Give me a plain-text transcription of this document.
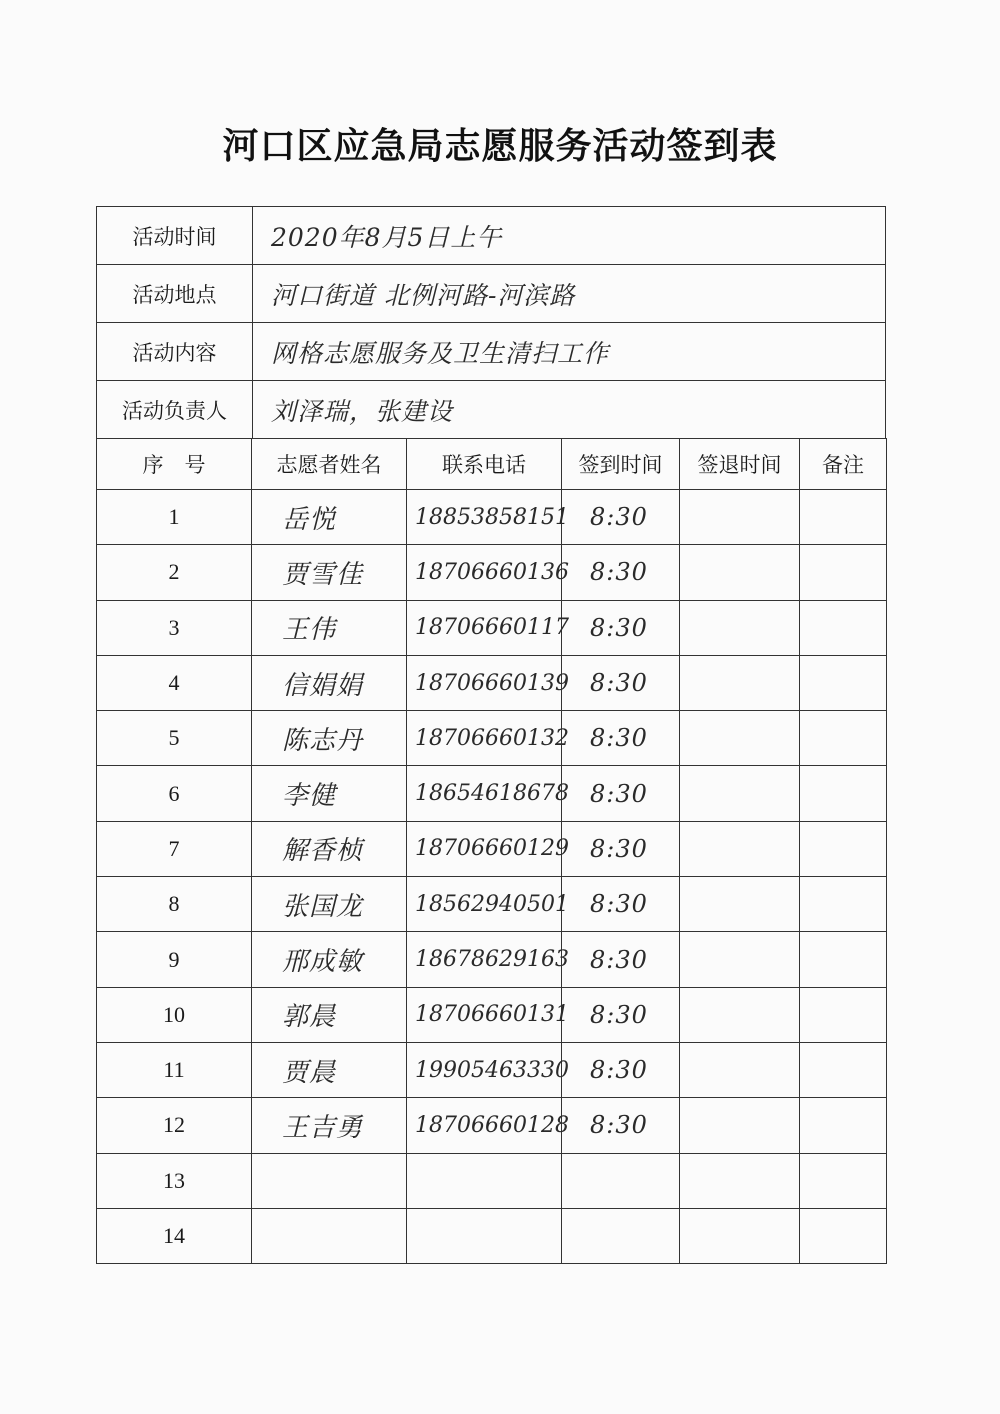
河口区应急局志愿服务活动签到表
活动时间	2020年8月5日上午
活动地点	河口街道 北例河路-河滨路
活动内容	网格志愿服务及卫生清扫工作
活动负责人	刘泽瑞，张建设
序　号	志愿者姓名	联系电话	签到时间	签退时间	备注
1	岳悦	18853858151	8:30		
2	贾雪佳	18706660136	8:30		
3	王伟	18706660117	8:30		
4	信娟娟	18706660139	8:30		
5	陈志丹	18706660132	8:30		
6	李健	18654618678	8:30		
7	解香桢	18706660129	8:30		
8	张国龙	18562940501	8:30		
9	邢成敏	18678629163	8:30		
10	郭晨	18706660131	8:30		
11	贾晨	19905463330	8:30		
12	王吉勇	18706660128	8:30		
13					
14					
